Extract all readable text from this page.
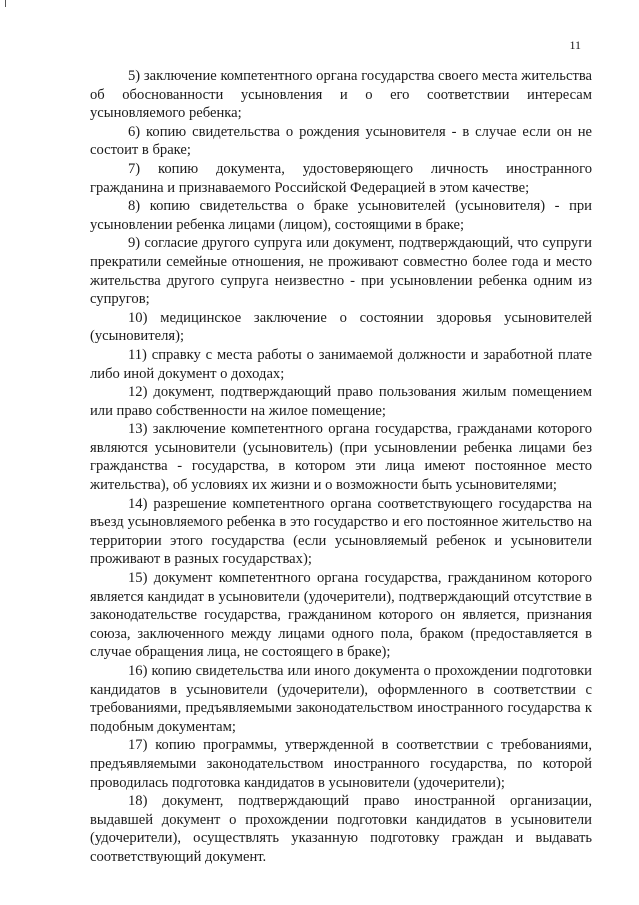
11

5) заключение компетентного органа государства своего места жительства об обоснованности усыновления и о его соответствии интересам усыновляемого ребенка;

6) копию свидетельства о рождения усыновителя - в случае если он не состоит в браке;

7) копию документа, удостоверяющего личность иностранного гражданина и признаваемого Российской Федерацией в этом качестве;

8) копию свидетельства о браке усыновителей (усыновителя) - при усыновлении ребенка лицами (лицом), состоящими в браке;

9) согласие другого супруга или документ, подтверждающий, что супруги прекратили семейные отношения, не проживают совместно более года и место жительства другого супруга неизвестно - при усыновлении ребенка одним из супругов;

10) медицинское заключение о состоянии здоровья усыновителей (усыновителя);

11) справку с места работы о занимаемой должности и заработной плате либо иной документ о доходах;

12) документ, подтверждающий право пользования жилым помещением или право собственности на жилое помещение;

13) заключение компетентного органа государства, гражданами которого являются усыновители (усыновитель) (при усыновлении ребенка лицами без гражданства - государства, в котором эти лица имеют постоянное место жительства), об условиях их жизни и о возможности быть усыновителями;

14) разрешение компетентного органа соответствующего государства на въезд усыновляемого ребенка в это государство и его постоянное жительство на территории этого государства (если усыновляемый ребенок и усыновители проживают в разных государствах);

15) документ компетентного органа государства, гражданином которого является кандидат в усыновители (удочерители), подтверждающий отсутствие в законодательстве государства, гражданином которого он является, признания союза, заключенного между лицами одного пола, браком (предоставляется в случае обращения лица, не состоящего в браке);

16) копию свидетельства или иного документа о прохождении подготовки кандидатов в усыновители (удочерители), оформленного в соответствии с требованиями, предъявляемыми законодательством иностранного государства к подобным документам;

17) копию программы, утвержденной в соответствии с требованиями, предъявляемыми законодательством иностранного государства, по которой проводилась подготовка кандидатов в усыновители (удочерители);

18) документ, подтверждающий право иностранной организации, выдавшей документ о прохождении подготовки кандидатов в усыновители (удочерители), осуществлять указанную подготовку граждан и выдавать соответствующий документ.
